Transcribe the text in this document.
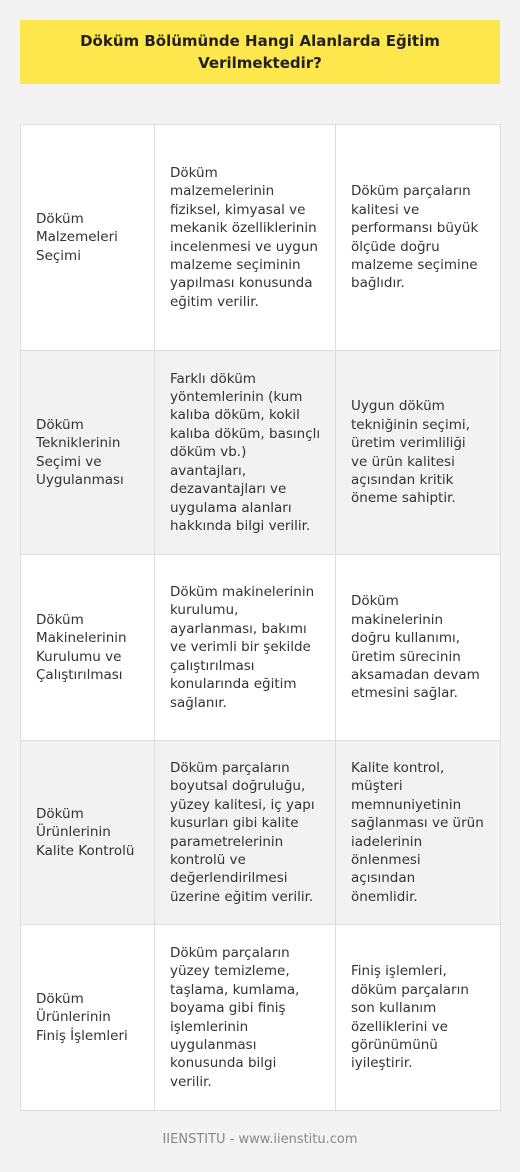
Döküm Bölümünde Hangi Alanlarda Eğitim Verilmektedir?
Döküm Malzemeleri Seçimi	Döküm malzemelerinin fiziksel, kimyasal ve mekanik özelliklerinin incelenmesi ve uygun malzeme seçiminin yapılması konusunda eğitim verilir.	Döküm parçaların kalitesi ve performansı büyük ölçüde doğru malzeme seçimine bağlıdır.
Döküm Tekniklerinin Seçimi ve Uygulanması	Farklı döküm yöntemlerinin (kum kalıba döküm, kokil kalıba döküm, basınçlı döküm vb.) avantajları, dezavantajları ve uygulama alanları hakkında bilgi verilir.	Uygun döküm tekniğinin seçimi, üretim verimliliği ve ürün kalitesi açısından kritik öneme sahiptir.
Döküm Makinelerinin Kurulumu ve Çalıştırılması	Döküm makinelerinin kurulumu, ayarlanması, bakımı ve verimli bir şekilde çalıştırılması konularında eğitim sağlanır.	Döküm makinelerinin doğru kullanımı, üretim sürecinin aksamadan devam etmesini sağlar.
Döküm Ürünlerinin Kalite Kontrolü	Döküm parçaların boyutsal doğruluğu, yüzey kalitesi, iç yapı kusurları gibi kalite parametrelerinin kontrolü ve değerlendirilmesi üzerine eğitim verilir.	Kalite kontrol, müşteri memnuniyetinin sağlanması ve ürün iadelerinin önlenmesi açısından önemlidir.
Döküm Ürünlerinin Finiş İşlemleri	Döküm parçaların yüzey temizleme, taşlama, kumlama, boyama gibi finiş işlemlerinin uygulanması konusunda bilgi verilir.	Finiş işlemleri, döküm parçaların son kullanım özelliklerini ve görünümünü iyileştirir.
IIENSTITU - www.iienstitu.com
